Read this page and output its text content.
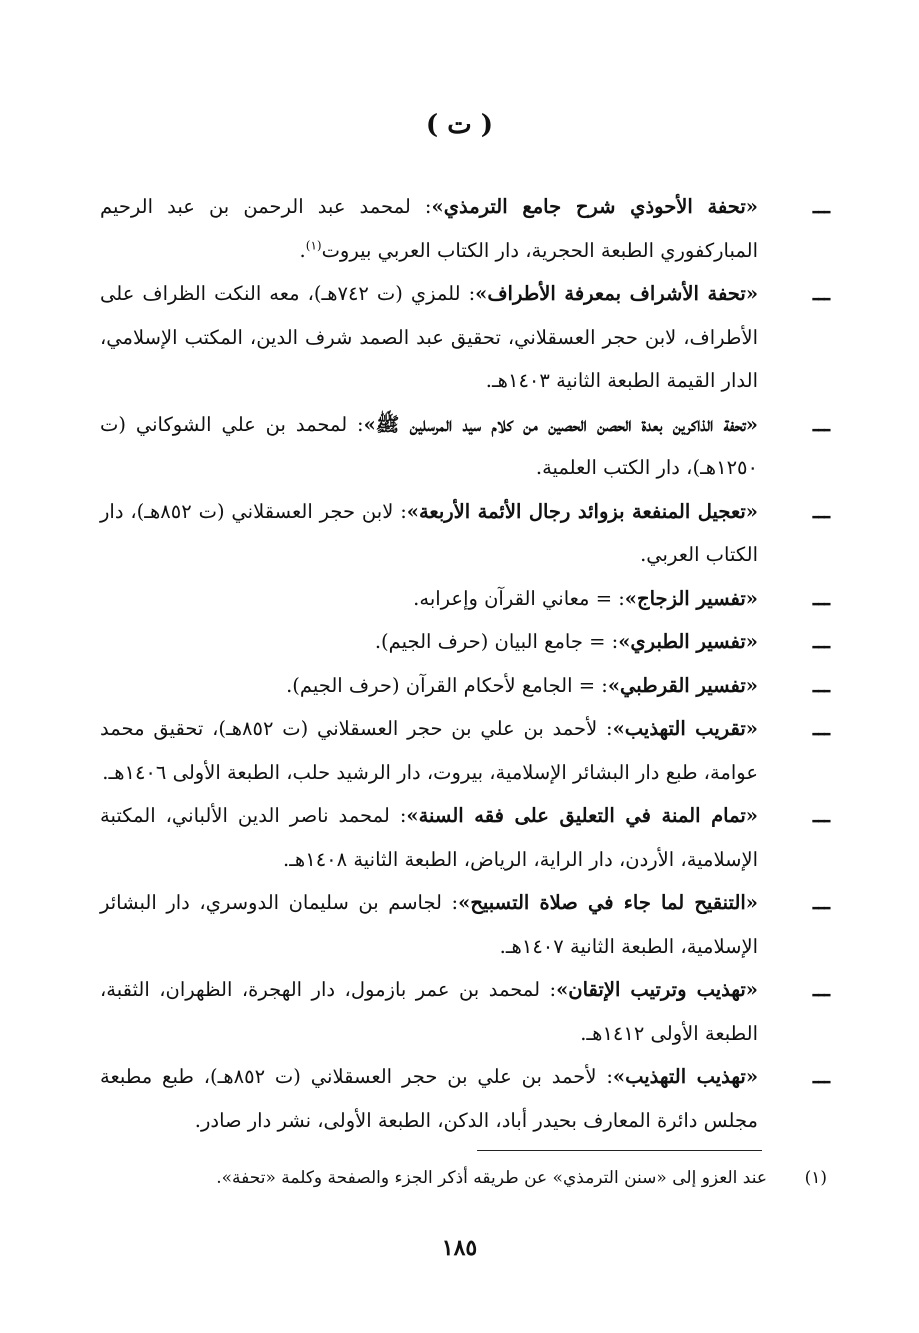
( ت )

ـــ
«تحفة الأحوذي شرح جامع الترمذي»: لمحمد عبد الرحمن بن عبد الرحيم المباركفوري الطبعة الحجرية، دار الكتاب العربي بيروت$^{(١)}$.

ـــ
«تحفة الأشراف بمعرفة الأطراف»: للمزي (ت ٧٤٢هـ)، معه النكت الظراف على الأطراف، لابن حجر العسقلاني، تحقيق عبد الصمد شرف الدين، المكتب الإسلامي، الدار القيمة الطبعة الثانية ١٤٠٣هـ.

ـــ
«تحفة الذاكرين بعدة الحصن الحصين من كلام سيد المرسلين ﷺ»: لمحمد بن علي الشوكاني (ت ١٢٥٠هـ)، دار الكتب العلمية.

ـــ
«تعجيل المنفعة بزوائد رجال الأئمة الأربعة»: لابن حجر العسقلاني (ت ٨٥٢هـ)، دار الكتاب العربي.

ـــ
«تفسير الزجاج»: = معاني القرآن وإعرابه.

ـــ
«تفسير الطبري»: = جامع البيان (حرف الجيم).

ـــ
«تفسير القرطبي»: = الجامع لأحكام القرآن (حرف الجيم).

ـــ
«تقريب التهذيب»: لأحمد بن علي بن حجر العسقلاني (ت ٨٥٢هـ)، تحقيق محمد عوامة، طبع دار البشائر الإسلامية، بيروت، دار الرشيد حلب، الطبعة الأولى ١٤٠٦هـ.

ـــ
«تمام المنة في التعليق على فقه السنة»: لمحمد ناصر الدين الألباني، المكتبة الإسلامية، الأردن، دار الراية، الرياض، الطبعة الثانية ١٤٠٨هـ.

ـــ
«التنقيح لما جاء في صلاة التسبيح»: لجاسم بن سليمان الدوسري، دار البشائر الإسلامية، الطبعة الثانية ١٤٠٧هـ.

ـــ
«تهذيب وترتيب الإتقان»: لمحمد بن عمر بازمول، دار الهجرة، الظهران، الثقبة، الطبعة الأولى ١٤١٢هـ.

ـــ
«تهذيب التهذيب»: لأحمد بن علي بن حجر العسقلاني (ت ٨٥٢هـ)، طبع مطبعة مجلس دائرة المعارف بحيدر أباد، الدكن، الطبعة الأولى، نشر دار صادر.

(١)عند العزو إلى «سنن الترمذي» عن طريقه أذكر الجزء والصفحة وكلمة «تحفة».
١٨٥
